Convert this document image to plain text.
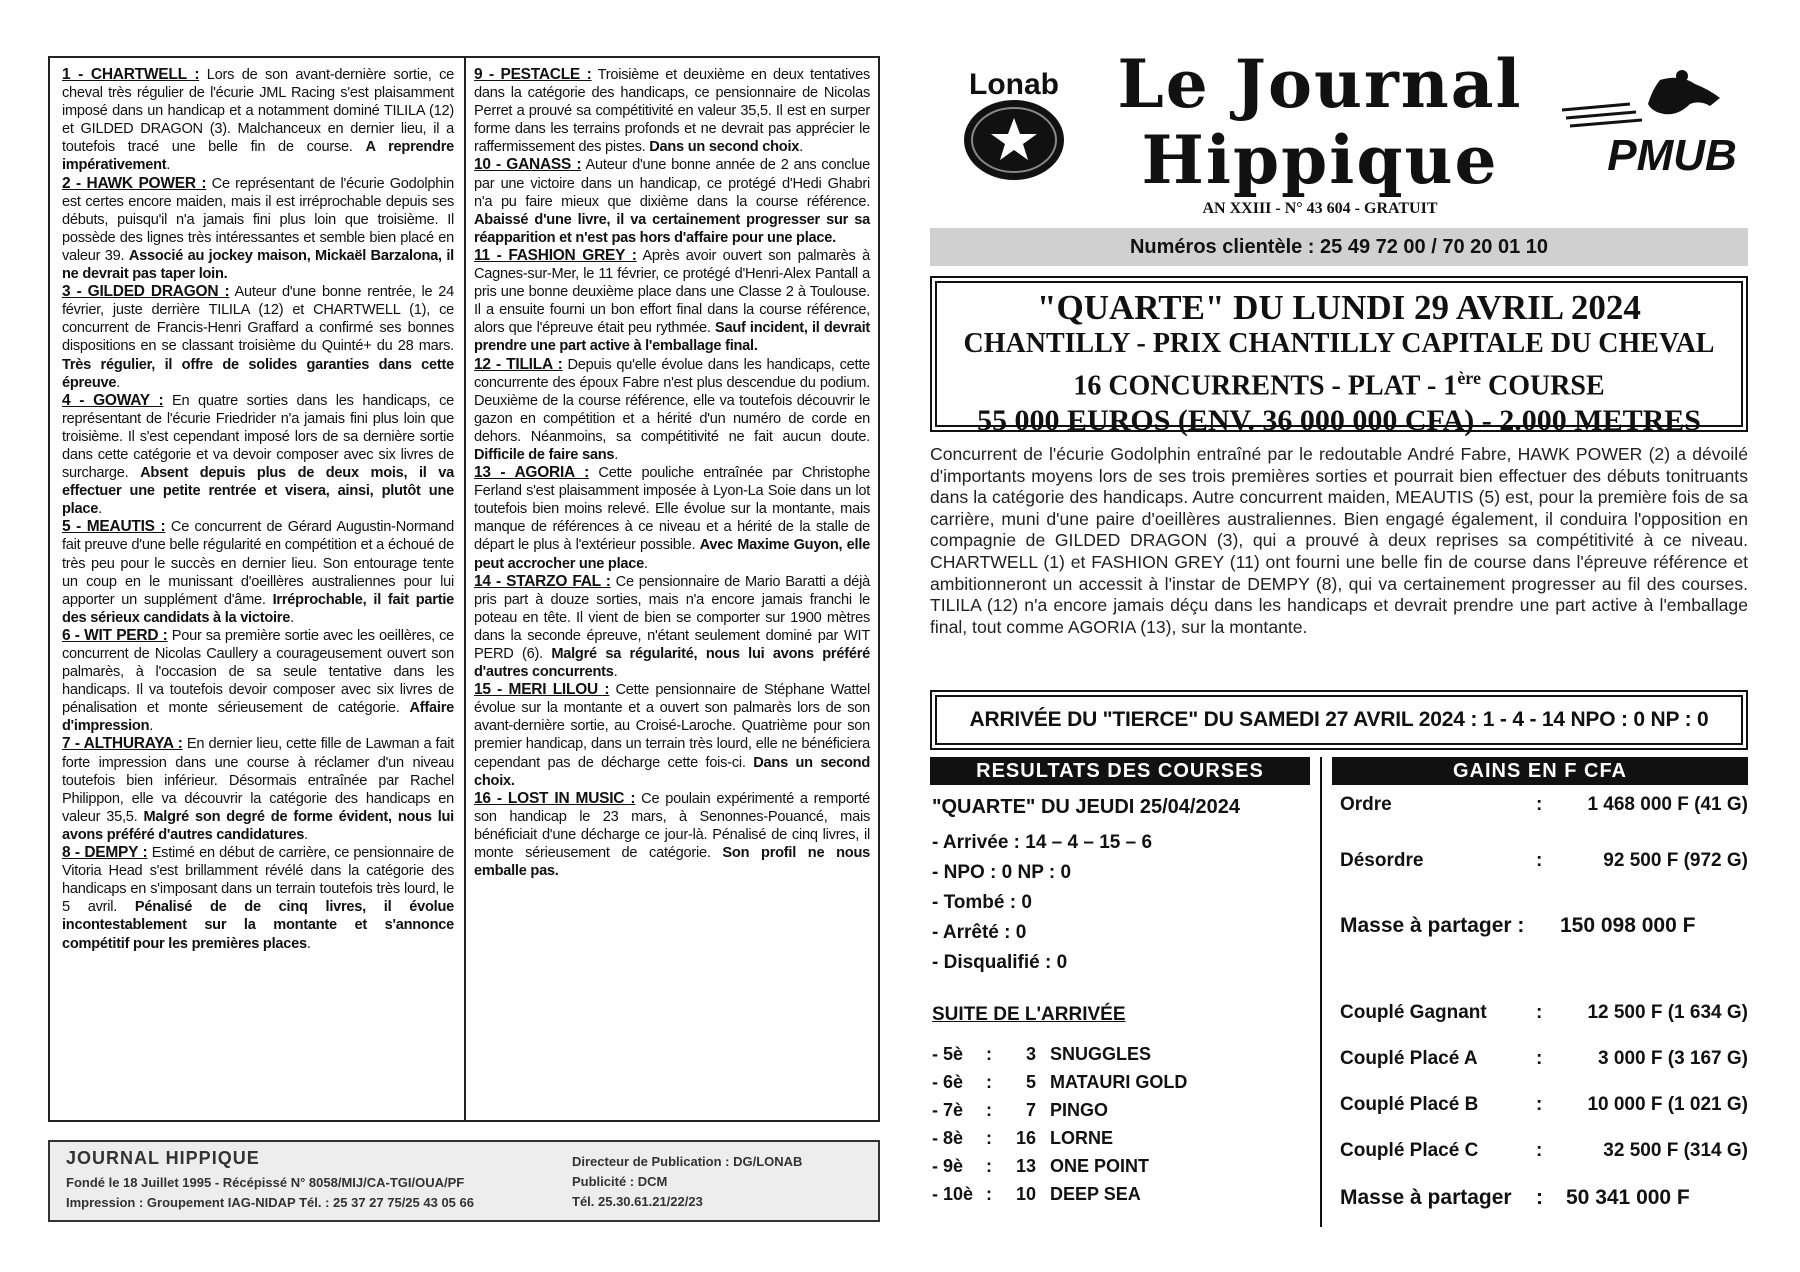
1 - CHARTWELL : Lors de son avant-dernière sortie, ce cheval très régulier de l'écurie JML Racing s'est plaisamment imposé dans un handicap et a notamment dominé TILILA (12) et GILDED DRAGON (3). Malchanceux en dernier lieu, il a toutefois tracé une belle fin de course. A reprendre impérativement.

2 - HAWK POWER : Ce représentant de l'écurie Godolphin est certes encore maiden, mais il est irréprochable depuis ses débuts, puisqu'il n'a jamais fini plus loin que troisième. Il possède des lignes très intéressantes et semble bien placé en valeur 39. Associé au jockey maison, Mickaël Barzalona, il ne devrait pas taper loin.

3 - GILDED DRAGON : Auteur d'une bonne rentrée, le 24 février, juste derrière TILILA (12) et CHARTWELL (1), ce concurrent de Francis-Henri Graffard a confirmé ses bonnes dispositions en se classant troisième du Quinté+ du 28 mars. Très régulier, il offre de solides garanties dans cette épreuve.

4 - GOWAY : En quatre sorties dans les handicaps, ce représentant de l'écurie Friedrider n'a jamais fini plus loin que troisième. Il s'est cependant imposé lors de sa dernière sortie dans cette catégorie et va devoir composer avec six livres de surcharge. Absent depuis plus de deux mois, il va effectuer une petite rentrée et visera, ainsi, plutôt une place.

5 - MEAUTIS : Ce concurrent de Gérard Augustin-Normand fait preuve d'une belle régularité en compétition et a échoué de très peu pour le succès en dernier lieu. Son entourage tente un coup en le munissant d'oeillères australiennes pour lui apporter un supplément d'âme. Irréprochable, il fait partie des sérieux candidats à la victoire.

6 - WIT PERD : Pour sa première sortie avec les oeillères, ce concurrent de Nicolas Caullery a courageusement ouvert son palmarès, à l'occasion de sa seule tentative dans les handicaps. Il va toutefois devoir composer avec six livres de pénalisation et monte sérieusement de catégorie. Affaire d'impression.

7 - ALTHURAYA : En dernier lieu, cette fille de Lawman a fait forte impression dans une course à réclamer d'un niveau toutefois bien inférieur. Désormais entraînée par Rachel Philippon, elle va découvrir la catégorie des handicaps en valeur 35,5. Malgré son degré de forme évident, nous lui avons préféré d'autres candidatures.

8 - DEMPY : Estimé en début de carrière, ce pensionnaire de Vitoria Head s'est brillamment révélé dans la catégorie des handicaps en s'imposant dans un terrain toutefois très lourd, le 5 avril. Pénalisé de de cinq livres, il évolue incontestablement sur la montante et s'annonce compétitif pour les premières places.

9 - PESTACLE : Troisième et deuxième en deux tentatives dans la catégorie des handicaps, ce pensionnaire de Nicolas Perret a prouvé sa compétitivité en valeur 35,5. Il est en surper forme dans les terrains profonds et ne devrait pas apprécier le raffermissement des pistes. Dans un second choix.

10 - GANASS : Auteur d'une bonne année de 2 ans conclue par une victoire dans un handicap, ce protégé d'Hedi Ghabri n'a pu faire mieux que dixième dans la course référence. Abaissé d'une livre, il va certainement progresser sur sa réapparition et n'est pas hors d'affaire pour une place.

11 - FASHION GREY : Après avoir ouvert son palmarès à Cagnes-sur-Mer, le 11 février, ce protégé d'Henri-Alex Pantall a pris une bonne deuxième place dans une Classe 2 à Toulouse. Il a ensuite fourni un bon effort final dans la course référence, alors que l'épreuve était peu rythmée. Sauf incident, il devrait prendre une part active à l'emballage final.

12 - TILILA : Depuis qu'elle évolue dans les handicaps, cette concurrente des époux Fabre n'est plus descendue du podium. Deuxième de la course référence, elle va toutefois découvrir le gazon en compétition et a hérité d'un numéro de corde en dehors. Néanmoins, sa compétitivité ne fait aucun doute. Difficile de faire sans.

13 - AGORIA : Cette pouliche entraînée par Christophe Ferland s'est plaisamment imposée à Lyon-La Soie dans un lot toutefois bien moins relevé. Elle évolue sur la montante, mais manque de références à ce niveau et a hérité de la stalle de départ le plus à l'extérieur possible. Avec Maxime Guyon, elle peut accrocher une place.

14 - STARZO FAL : Ce pensionnaire de Mario Baratti a déjà pris part à douze sorties, mais n'a encore jamais franchi le poteau en tête. Il vient de bien se comporter sur 1900 mètres dans la seconde épreuve, n'étant seulement dominé par WIT PERD (6). Malgré sa régularité, nous lui avons préféré d'autres concurrents.

15 - MERI LILOU : Cette pensionnaire de Stéphane Wattel évolue sur la montante et a ouvert son palmarès lors de son avant-dernière sortie, au Croisé-Laroche. Quatrième pour son premier handicap, dans un terrain très lourd, elle ne bénéficiera cependant pas de décharge cette fois-ci. Dans un second choix.

16 - LOST IN MUSIC : Ce poulain expérimenté a remporté son handicap le 23 mars, à Senonnes-Pouancé, mais bénéficiait d'une décharge ce jour-là. Pénalisé de cinq livres, il monte sérieusement de catégorie. Son profil ne nous emballe pas.

JOURNAL HIPPIQUE
Fondé le 18 Juillet 1995 - Récépissé N° 8058/MIJ/CA-TGI/OUA/PF
Impression : Groupement IAG-NIDAP Tél. : 25 37 27 75/25 43 05 66
Directeur de Publication : DG/LONAB
Publicité : DCM
Tél. 25.30.61.21/22/23
Lonab Le Journal
Hippique	PMUB
AN XXIII - N° 43 604 - GRATUIT
Numéros clientèle : 25 49 72 00 / 70 20 01 10
"QUARTE" DU LUNDI 29 AVRIL 2024
CHANTILLY - PRIX CHANTILLY CAPITALE DU CHEVAL
16 CONCURRENTS - PLAT - 1ère COURSE
55 000 EUROS (ENV. 36 000 000 CFA) - 2.000 METRES
Concurrent de l'écurie Godolphin entraîné par le redoutable André Fabre, HAWK POWER (2) a dévoilé d'importants moyens lors de ses trois premières sorties et pourrait bien effectuer des débuts tonitruants dans la catégorie des handicaps. Autre concurrent maiden, MEAUTIS (5) est, pour la première fois de sa carrière, muni d'une paire d'oeillères australiennes. Bien engagé également, il conduira l'opposition en compagnie de GILDED DRAGON (3), qui a prouvé à deux reprises sa compétitivité à ce niveau. CHARTWELL (1) et FASHION GREY (11) ont fourni une belle fin de course dans l'épreuve référence et ambitionneront un accessit à l'instar de DEMPY (8), qui va certainement progresser au fil des courses. TILILA (12) n'a encore jamais déçu dans les handicaps et devrait prendre une part active à l'emballage final, tout comme AGORIA (13), sur la montante.
ARRIVÉE DU "TIERCE" DU SAMEDI 27 AVRIL 2024 : 1 - 4 - 14 NPO : 0 NP : 0
RESULTATS DES COURSES	GAINS EN F CFA
"QUARTE" DU JEUDI 25/04/2024
- Arrivée : 14 – 4 – 15 – 6
- NPO : 0 NP : 0
- Tombé : 0
- Arrêté : 0
- Disqualifié : 0
SUITE DE L'ARRIVÉE
- 5è : 3 SNUGGLES
- 6è : 5 MATAURI GOLD
- 7è : 7 PINGO
- 8è : 16 LORNE
- 9è : 13 ONE POINT
- 10è : 10 DEEP SEA
Ordre	: 1 468 000 F (41 G)
Désordre	:	92 500 F (972 G)
Masse à partager : 150 098 000 F
Couplé Gagnant	: 12 500 F (1 634 G)
Couplé Placé A	:	3 000 F (3 167 G)
Couplé Placé B	: 10 000 F (1 021 G)
Couplé Placé C	:	32 500 F (314 G)
Masse à partager : 50 341 000 F
